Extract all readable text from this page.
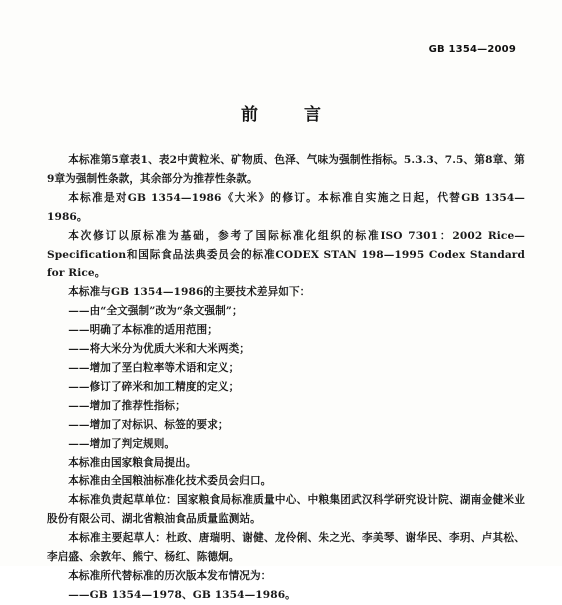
GB 1354—2009
前 言

本标准第5章表1、表2中黄粒米、矿物质、色泽、气味为强制性指标。5.3.3、7.5、第8章、第9章为强制性条款，其余部分为推荐性条款。

本标准是对GB 1354—1986《大米》的修订。本标准自实施之日起，代替GB 1354—1986。

本次修订以原标准为基础，参考了国际标准化组织的标准ISO 7301：2002 Rice—Specification和国际食品法典委员会的标准CODEX STAN 198—1995 Codex Standard for Rice。

本标准与GB 1354—1986的主要技术差异如下：

——由“全文强制”改为“条文强制”；

——明确了本标准的适用范围；

——将大米分为优质大米和大米两类；

——增加了垩白粒率等术语和定义；

——修订了碎米和加工精度的定义；

——增加了推荐性指标；

——增加了对标识、标签的要求；

——增加了判定规则。

本标准由国家粮食局提出。

本标准由全国粮油标准化技术委员会归口。

本标准负责起草单位：国家粮食局标准质量中心、中粮集团武汉科学研究设计院、湖南金健米业股份有限公司、湖北省粮油食品质量监测站。

本标准主要起草人：杜政、唐瑞明、谢健、龙伶俐、朱之光、李美琴、谢华民、李玥、卢其松、李启盛、余敦年、熊宁、杨红、陈德炯。

本标准所代替标准的历次版本发布情况为：

——GB 1354—1978、GB 1354—1986。
